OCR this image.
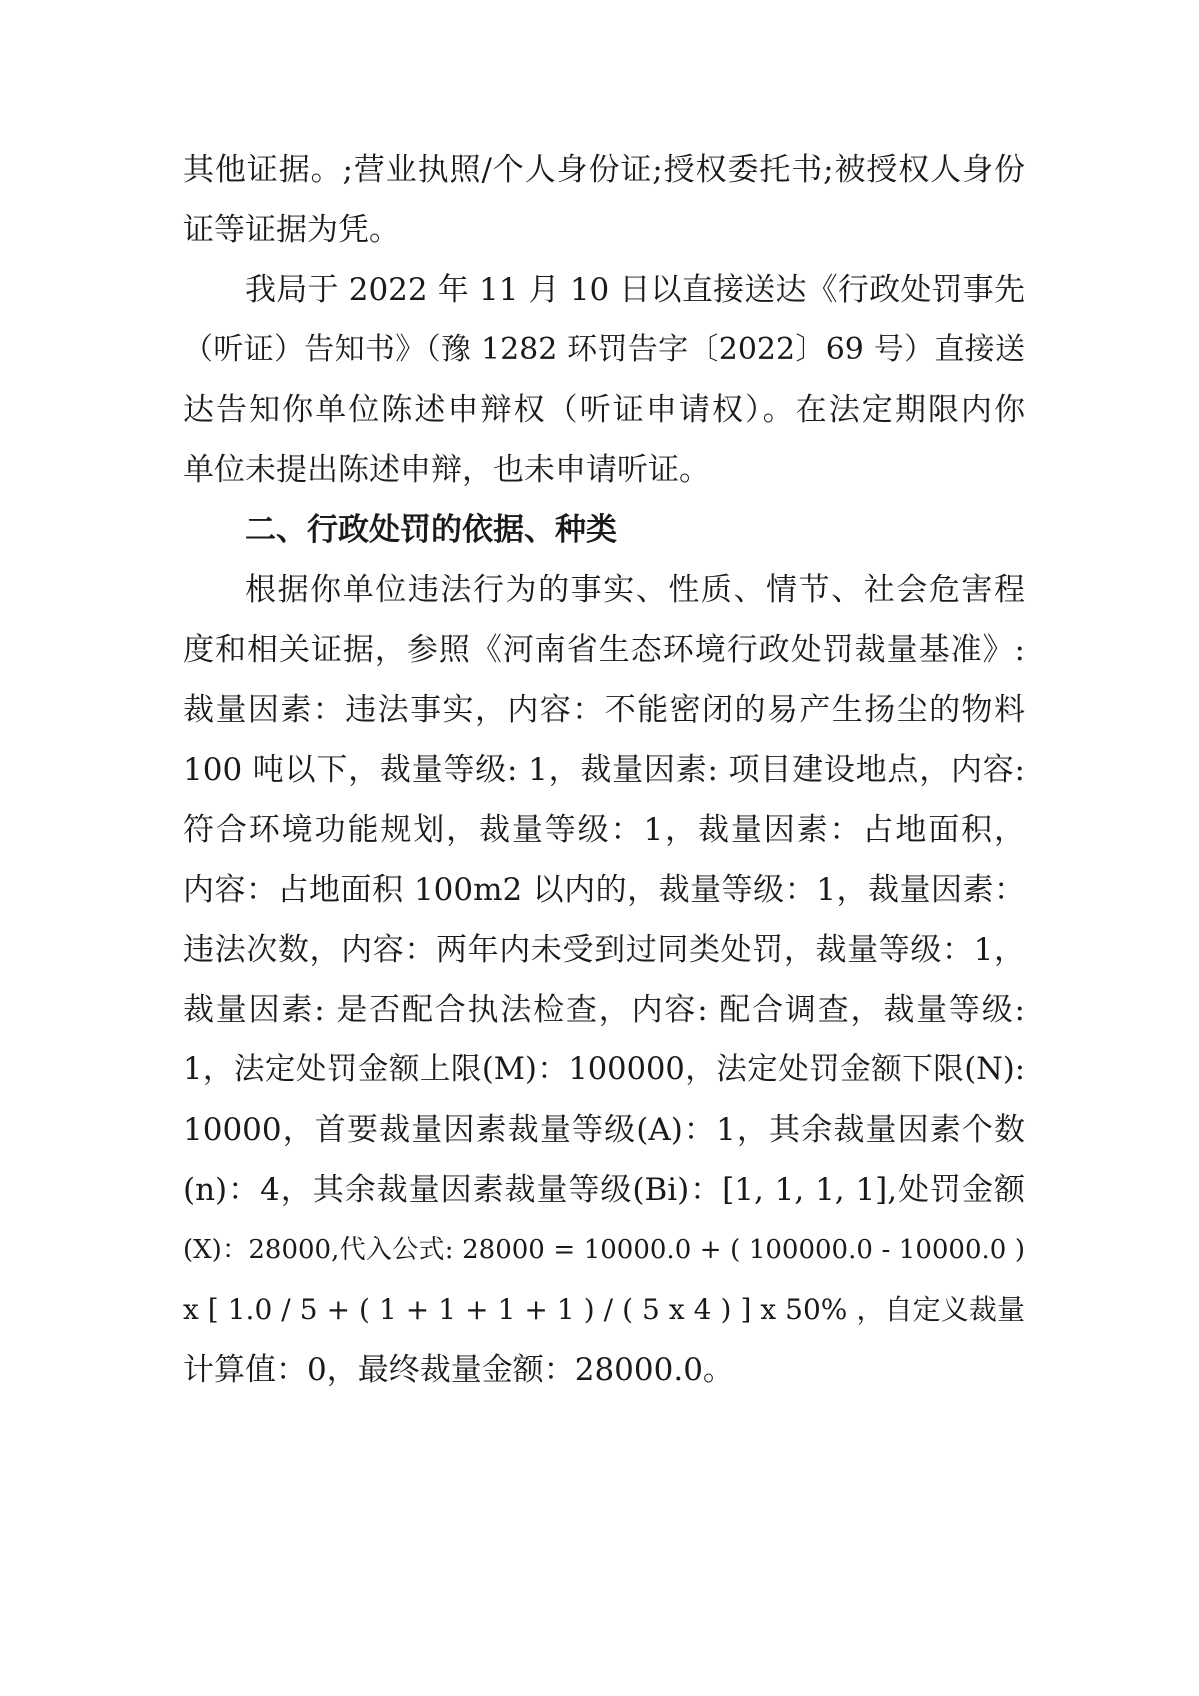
其他证据。;营业执照/个人身份证;授权委托书;被授权人身份
证等证据为凭。
我局于 2022 年 11 月 10 日以直接送达《行政处罚事先
（听证）告知书》（豫 1282 环罚告字〔2022〕69 号）直接送
达告知你单位陈述申辩权（听证申请权）。在法定期限内你
单位未提出陈述申辩，也未申请听证。
二、行政处罚的依据、种类
根据你单位违法行为的事实、性质、情节、社会危害程
度和相关证据，参照《河南省生态环境行政处罚裁量基准》:
裁量因素：违法事实，内容：不能密闭的易产生扬尘的物料
100 吨以下，裁量等级: 1，裁量因素: 项目建设地点，内容:
符合环境功能规划，裁量等级：1，裁量因素：占地面积，
内容：占地面积 100m2 以内的，裁量等级：1，裁量因素：
违法次数，内容：两年内未受到过同类处罚，裁量等级：1，
裁量因素: 是否配合执法检查，内容: 配合调查，裁量等级:
1，法定处罚金额上限(M)：100000，法定处罚金额下限(N):
10000，首要裁量因素裁量等级(A)：1，其余裁量因素个数
(n)：4，其余裁量因素裁量等级(Bi)：[1, 1, 1, 1],处罚金额
(X)：28000,代入公式: 28000 = 10000.0 + ( 100000.0 - 10000.0 )
x [ 1.0 / 5 + ( 1 + 1 + 1 + 1 ) / ( 5 x 4 ) ] x 50% ，自定义裁量
计算值：0，最终裁量金额：28000.0。
